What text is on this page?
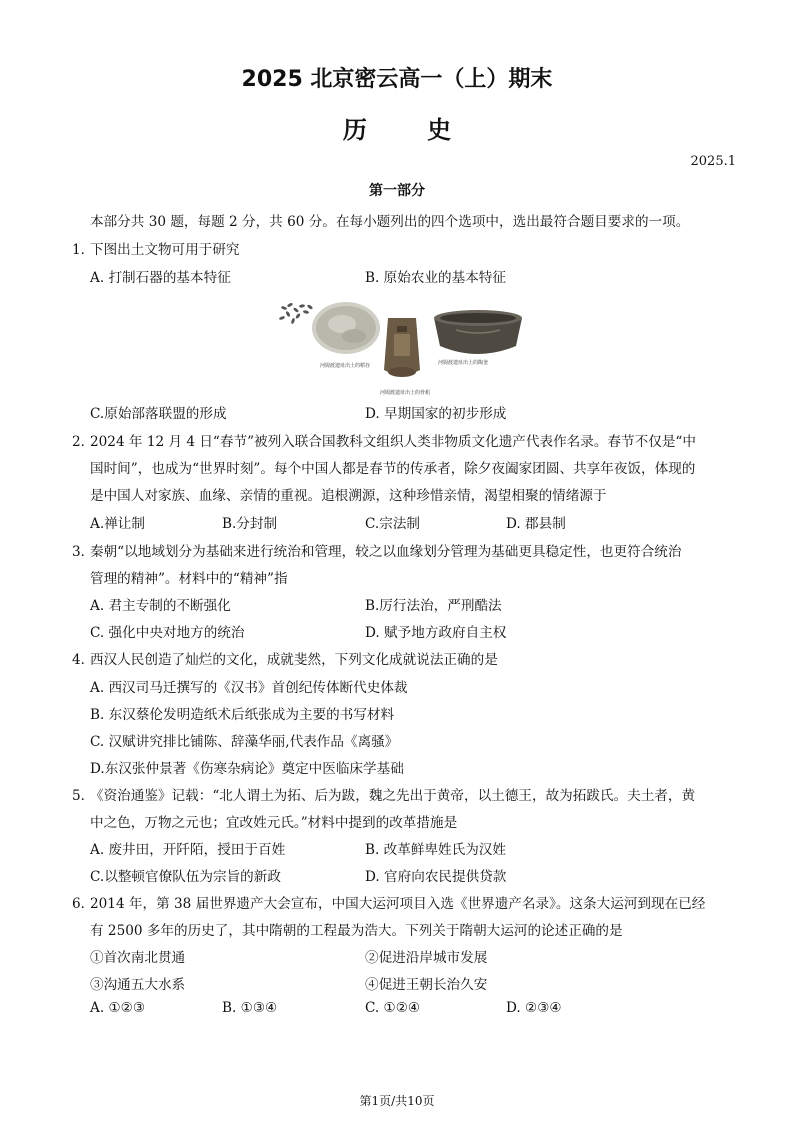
2025 北京密云高一（上）期末
历 史
2025.1
第一部分
本部分共 30 题，每题 2 分，共 60 分。在每小题列出的四个选项中，选出最符合题目要求的一项。
1．
下图出土文物可用于研究
A. 打制石器的基本特征	B. 原始农业的基本特征
河姆渡遗址出土的稻谷
河姆渡遗址出土的骨耜
河姆渡遗址出土的陶釜
C.原始部落联盟的形成	D. 早期国家的初步形成
2．
2024 年 12 月 4 日“春节”被列入联合国教科文组织人类非物质文化遗产代表作名录。春节不仅是“中
国时间”，也成为“世界时刻”。每个中国人都是春节的传承者，除夕夜阖家团圆、共享年夜饭，体现的
是中国人对家族、血缘、亲情的重视。追根溯源，这种珍惜亲情，渴望相聚的情绪源于
A.禅让制	B.分封制	C.宗法制	D. 郡县制
3．
秦朝“以地域划分为基础来进行统治和管理，较之以血缘划分管理为基础更具稳定性，也更符合统治
管理的精神”。材料中的“精神”指
A. 君主专制的不断强化	B.厉行法治，严刑酷法
C. 强化中央对地方的统治	D. 赋予地方政府自主权
4．
西汉人民创造了灿烂的文化，成就斐然，下列文化成就说法正确的是
A. 西汉司马迁撰写的《汉书》首创纪传体断代史体裁
B. 东汉蔡伦发明造纸术后纸张成为主要的书写材料
C. 汉赋讲究排比铺陈、辞藻华丽,代表作品《离骚》
D.东汉张仲景著《伤寒杂病论》奠定中医临床学基础
5．
《资治通鉴》记载：“北人谓土为拓、后为跋，魏之先出于黄帝，以土德王，故为拓跋氏。夫土者，黄
中之色，万物之元也；宜改姓元氏。”材料中提到的改革措施是
A. 废井田，开阡陌，授田于百姓	B. 改革鲜卑姓氏为汉姓
C.以整顿官僚队伍为宗旨的新政	D. 官府向农民提供贷款
6．
2014 年，第 38 届世界遗产大会宣布，中国大运河项目入选《世界遗产名录》。这条大运河到现在已经
有 2500 多年的历史了，其中隋朝的工程最为浩大。下列关于隋朝大运河的论述正确的是
①首次南北贯通	②促进沿岸城市发展
③沟通五大水系	④促进王朝长治久安
A. ①②③	B. ①③④	C. ①②④	D. ②③④
第1页/共10页
